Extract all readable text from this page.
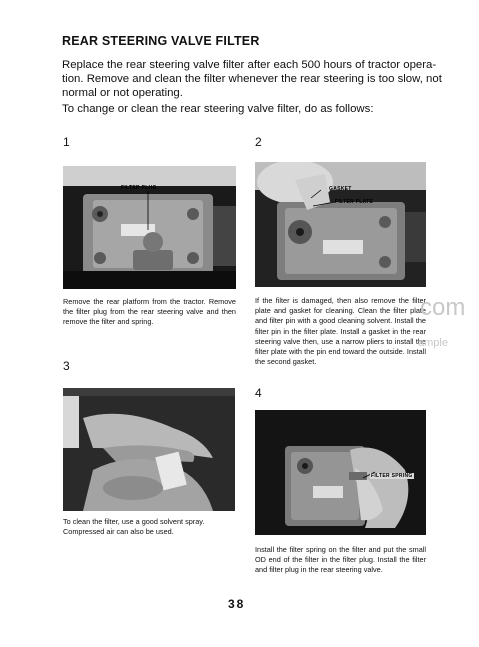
REAR STEERING VALVE FILTER
Replace the rear steering valve filter after each 500 hours of tractor opera-
tion. Remove and clean the filter whenever the rear steering is too slow, not
normal or not operating.
To change or clean the rear steering valve filter, do as follows:
1
FILTER PLUG
Remove the rear platform from the tractor. Remove the filter plug from the rear steering valve and then remove the filter and spring.
2
GASKET
FILTER PLATE
If the filter is damaged, then also remove the filter plate and gasket for cleaning. Clean the filter plate and filter pin with a good cleaning solvent. Install the filter pin in the filter plate. Install a gasket in the rear steering valve then, use a narrow pliers to install the filter plate with the pin end toward the outside. Install the second gasket.
3
To clean the filter, use a good solvent spray. Compressed air can also be used.
4
FILTER SPRING
Install the filter spring on the filter and put the small OD end of the filter in the filter plug. Install the filter and filter plug in the rear steering valve.
com
ample
38
